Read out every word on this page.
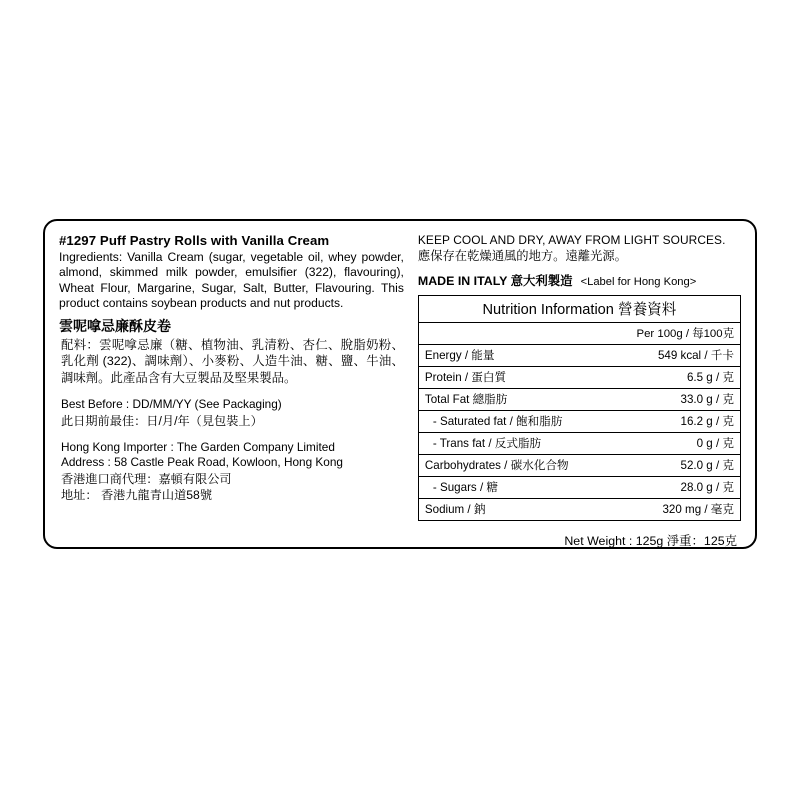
#1297 Puff Pastry Rolls with Vanilla Cream
Ingredients: Vanilla Cream (sugar, vegetable oil, whey powder, almond, skimmed milk powder, emulsifier (322), flavouring), Wheat Flour, Margarine, Sugar, Salt, Butter, Flavouring. This product contains soybean products and nut products.
雲呢嗱忌廉酥皮卷
配料：雲呢嗱忌廉（糖、植物油、乳清粉、杏仁、脫脂奶粉、乳化劑 (322)、調味劑）、小麥粉、人造牛油、糖、鹽、牛油、調味劑。此產品含有大豆製品及堅果製品。
Best Before : DD/MM/YY (See Packaging)
此日期前最佳：日/月/年（見包裝上）
Hong Kong Importer : The Garden Company Limited
Address : 58 Castle Peak Road, Kowloon, Hong Kong
香港進口商代理：嘉頓有限公司
地址： 香港九龍青山道58號
KEEP COOL AND DRY, AWAY FROM LIGHT SOURCES.
應保存在乾燥通風的地方。遠離光源。
MADE IN ITALY 意大利製造 <Label for Hong Kong>
Nutrition Information 營養資料	
Per 100g / 每100克	
Energy / 能量	549 kcal / 千卡
Protein / 蛋白質	6.5 g / 克
Total Fat 總脂肪	33.0 g / 克
- Saturated fat / 飽和脂肪	16.2 g / 克
- Trans fat / 反式脂肪	0 g / 克
Carbohydrates / 碳水化合物	52.0 g / 克
- Sugars / 糖	28.0 g / 克
Sodium / 鈉	320 mg / 毫克
Net Weight : 125g 淨重：125克
